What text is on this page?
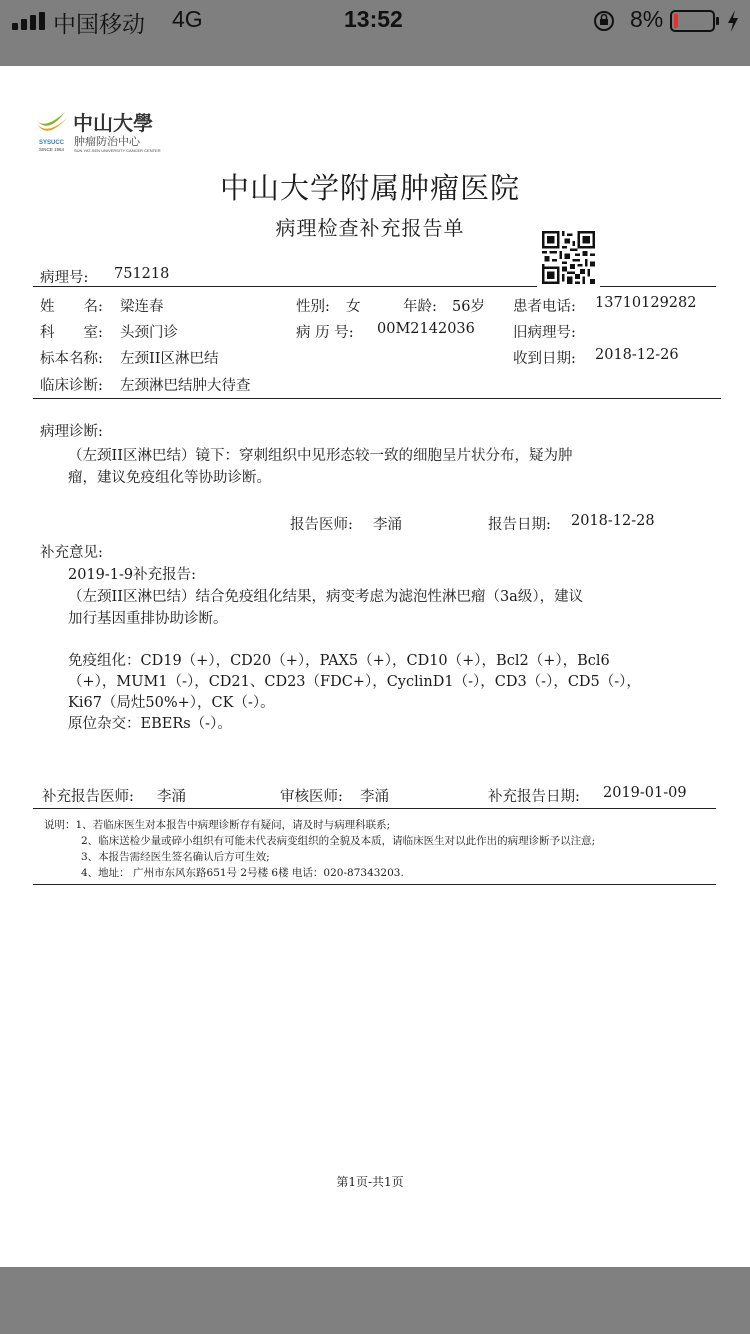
中国移动 4G	13:52	8%
中山大學
肿瘤防治中心
SYSUCC
SINCE 1964 SUN YAT-SEN UNIVERSITY CANCER CENTER
中山大学附属肿瘤医院
病理检查补充报告单
病理号: 751218
姓　　名: 梁连春	性别: 女	年龄: 56岁 患者电话: 13710129282
科　　室: 头颈门诊	病 历 号: 00M2142036	旧病理号:
标本名称: 左颈II区淋巴结	收到日期: 2018-12-26
临床诊断: 左颈淋巴结肿大待查
病理诊断:
（左颈II区淋巴结）镜下：穿刺组织中见形态较一致的细胞呈片状分布，疑为肿
瘤，建议免疫组化等协助诊断。
报告医师: 李涌	报告日期: 2018-12-28
补充意见:
2019-1-9补充报告:
（左颈II区淋巴结）结合免疫组化结果，病变考虑为滤泡性淋巴瘤（3a级），建议
加行基因重排协助诊断。
免疫组化：CD19（+），CD20（+），PAX5（+），CD10（+），Bcl2（+），Bcl6
（+），MUM1（-），CD21、CD23（FDC+），CyclinD1（-），CD3（-），CD5（-），
Ki67（局灶50%+），CK（-）。
原位杂交：EBERs（-）。
补充报告医师: 李涌	审核医师: 李涌	补充报告日期: 2019-01-09
说明：1、若临床医生对本报告中病理诊断存有疑问，请及时与病理科联系;
2、临床送检少量或碎小组织有可能未代表病变组织的全貌及本质，请临床医生对以此作出的病理诊断予以注意;
3、本报告需经医生签名确认后方可生效;
4、地址： 广州市东风东路651号 2号楼 6楼 电话：020-87343203.
第1页-共1页
